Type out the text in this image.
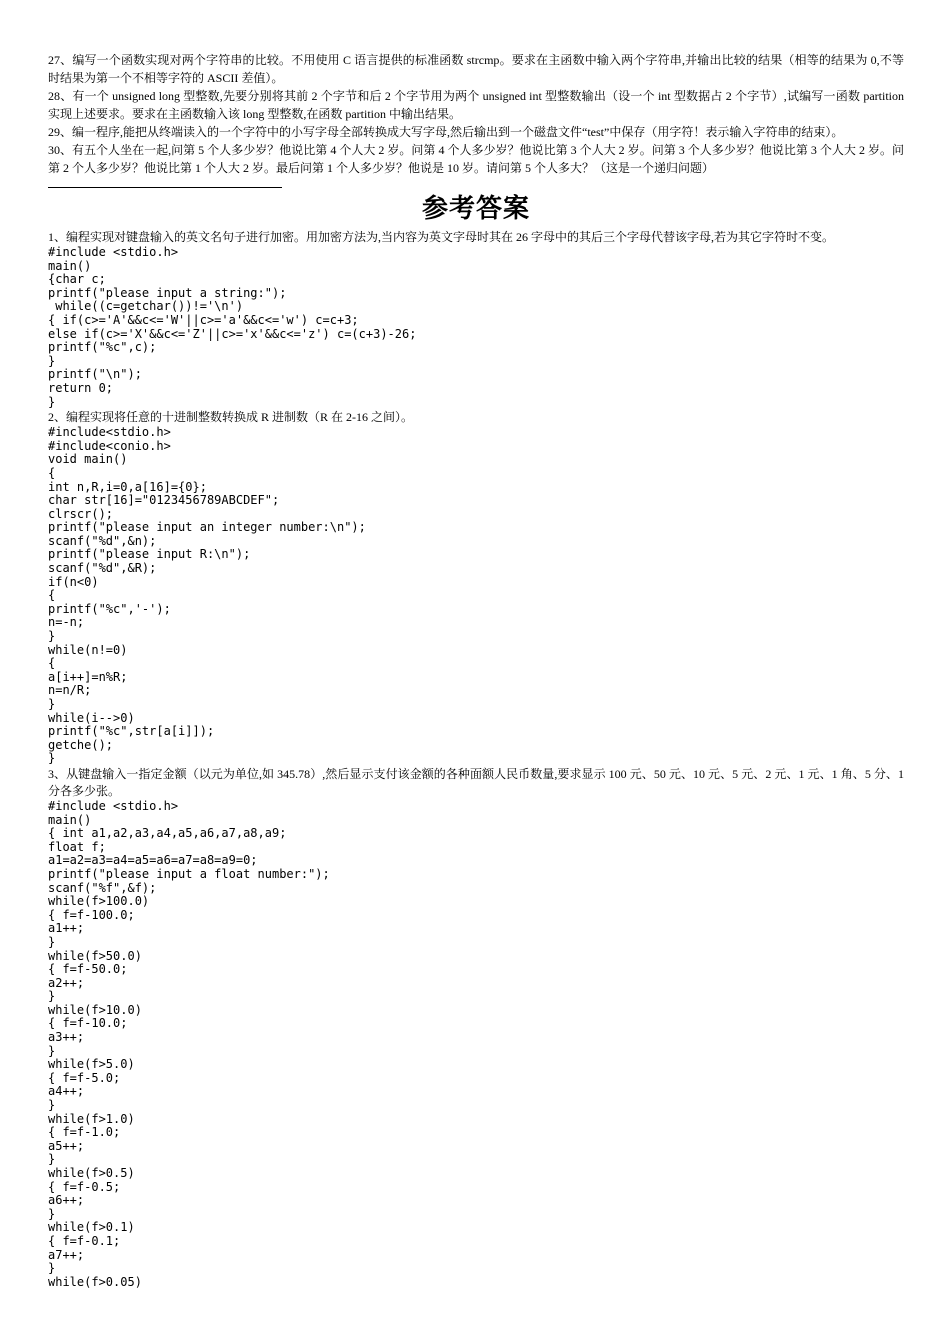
27、编写一个函数实现对两个字符串的比较。不用使用 C 语言提供的标准函数 strcmp。要求在主函数中输入两个字符串,并输出比较的结果（相等的结果为 0,不等时结果为第一个不相等字符的 ASCII 差值）。

28、有一个 unsigned long 型整数,先要分别将其前 2 个字节和后 2 个字节用为两个 unsigned int 型整数输出（设一个 int 型数据占 2 个字节）,试编写一函数 partition 实现上述要求。要求在主函数输入该 long 型整数,在函数 partition 中输出结果。

29、编一程序,能把从终端读入的一个字符中的小写字母全部转换成大写字母,然后输出到一个磁盘文件“test”中保存（用字符！表示输入字符串的结束）。

30、有五个人坐在一起,问第 5 个人多少岁？他说比第 4 个人大 2 岁。问第 4 个人多少岁？他说比第 3 个人大 2 岁。问第 3 个人多少岁？他说比第 3 个人大 2 岁。问第 2 个人多少岁？他说比第 1 个人大 2 岁。最后问第 1 个人多少岁？他说是 10 岁。请问第 5 个人多大？（这是一个递归问题）

参考答案

1、编程实现对键盘输入的英文名句子进行加密。用加密方法为,当内容为英文字母时其在 26 字母中的其后三个字母代替该字母,若为其它字符时不变。

#include <stdio.h>
main()
{char c;
printf("please input a string:");
while((c=getchar())!='\n')
{ if(c>='A'&&c<='W'||c>='a'&&c<='w') c=c+3;
else if(c>='X'&&c<='Z'||c>='x'&&c<='z') c=(c+3)-26;
printf("%c",c);
}
printf("\n");
return 0;
}

2、编程实现将任意的十进制整数转换成 R 进制数（R 在 2-16 之间）。

#include<stdio.h>
#include<conio.h>
void main()
{
int n,R,i=0,a[16]={0};
char str[16]="0123456789ABCDEF";
clrscr();
printf("please input an integer number:\n");
scanf("%d",&n);
printf("please input R:\n");
scanf("%d",&R);
if(n<0)
{
printf("%c",'-');
n=-n;
}
while(n!=0)
{
a[i++]=n%R;
n=n/R;
}
while(i-->0)
printf("%c",str[a[i]]);
getche();
}

3、从键盘输入一指定金额（以元为单位,如 345.78）,然后显示支付该金额的各种面额人民币数量,要求显示 100 元、50 元、10 元、5 元、2 元、1 元、1 角、5 分、1 分各多少张。

#include <stdio.h>
main()
{ int a1,a2,a3,a4,a5,a6,a7,a8,a9;
float f;
a1=a2=a3=a4=a5=a6=a7=a8=a9=0;
printf("please input a float number:");
scanf("%f",&f);
while(f>100.0)
{ f=f-100.0;
a1++;
}
while(f>50.0)
{ f=f-50.0;
a2++;
}
while(f>10.0)
{ f=f-10.0;
a3++;
}
while(f>5.0)
{ f=f-5.0;
a4++;
}
while(f>1.0)
{ f=f-1.0;
a5++;
}
while(f>0.5)
{ f=f-0.5;
a6++;
}
while(f>0.1)
{ f=f-0.1;
a7++;
}
while(f>0.05)
